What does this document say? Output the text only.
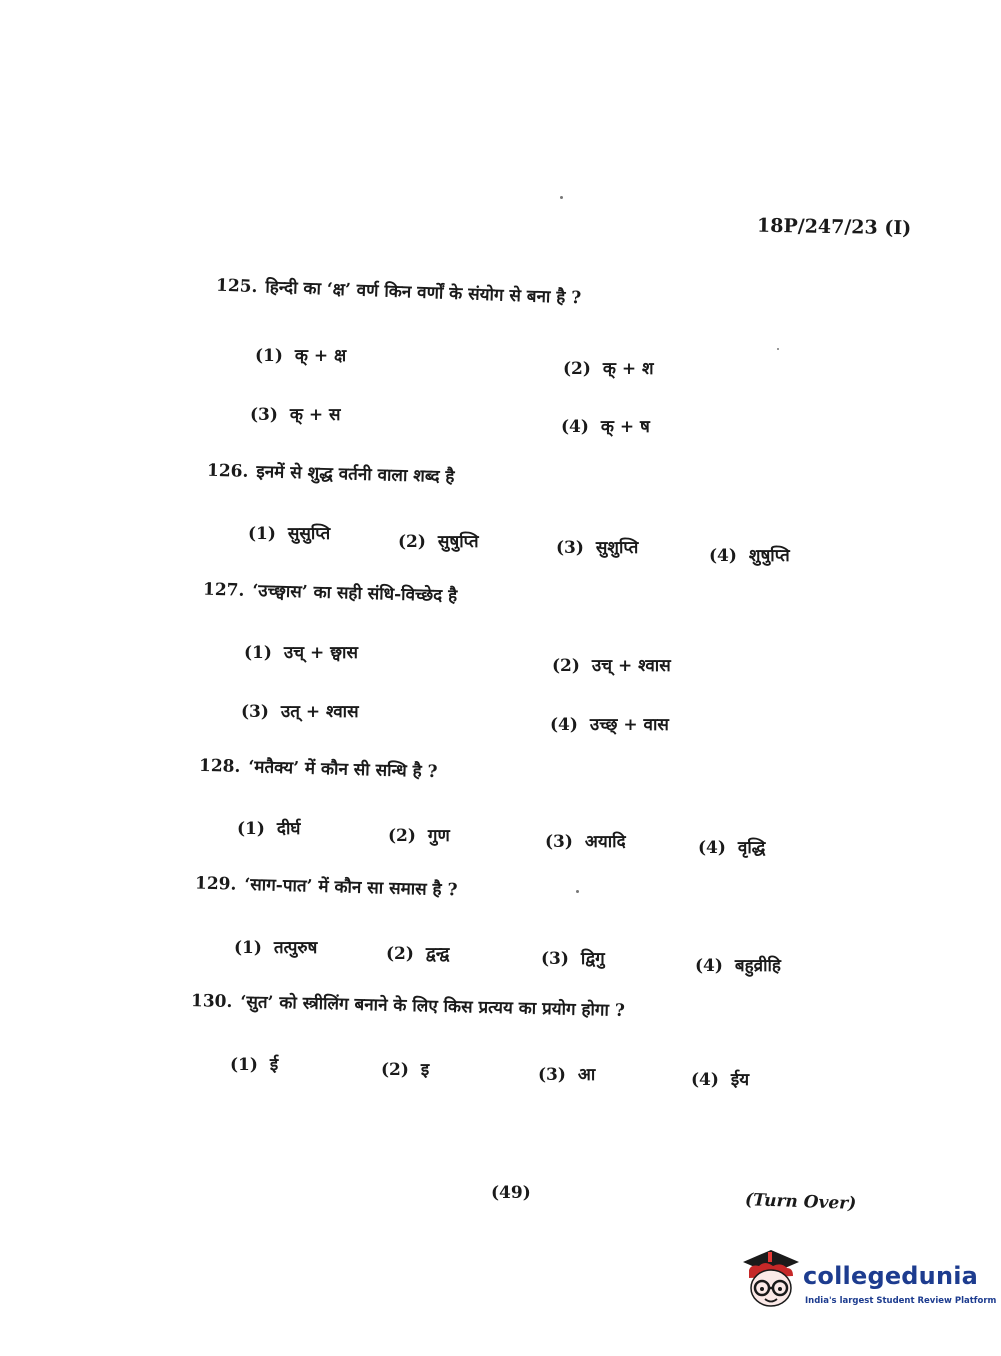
18P/247/23 (I)
125. हिन्दी का ‘क्ष’ वर्ण किन वर्णों के संयोग से बना है ?
(1) क् + क्ष
(2) क् + श
(3) क् + स
(4) क् + ष
126. इनमें से शुद्ध वर्तनी वाला शब्द है
(1) सुसुप्ति	(2) सुषुप्ति	(3) सुशुप्ति	(4) शुषुप्ति
127. ‘उच्छ्वास’ का सही संधि-विच्छेद है
(1) उच् + छ्वास
(2) उच् + श्वास
(3) उत् + श्वास
(4) उच्छ् + वास
128. ‘मतैक्य’ में कौन सी सन्धि है ?
(1) दीर्घ	(2) गुण	(3) अयादि	(4) वृद्धि
129. ‘साग-पात’ में कौन सा समास है ?
(1) तत्पुरुष	(2) द्वन्द्व	(3) द्विगु	(4) बहुव्रीहि
130. ‘सुत’ को स्त्रीलिंग बनाने के लिए किस प्रत्यय का प्रयोग होगा ?
(1) ई	(2) इ	(3) आ	(4) ईय
(49)	(Turn Over)
collegedunia
India's largest Student Review Platform
